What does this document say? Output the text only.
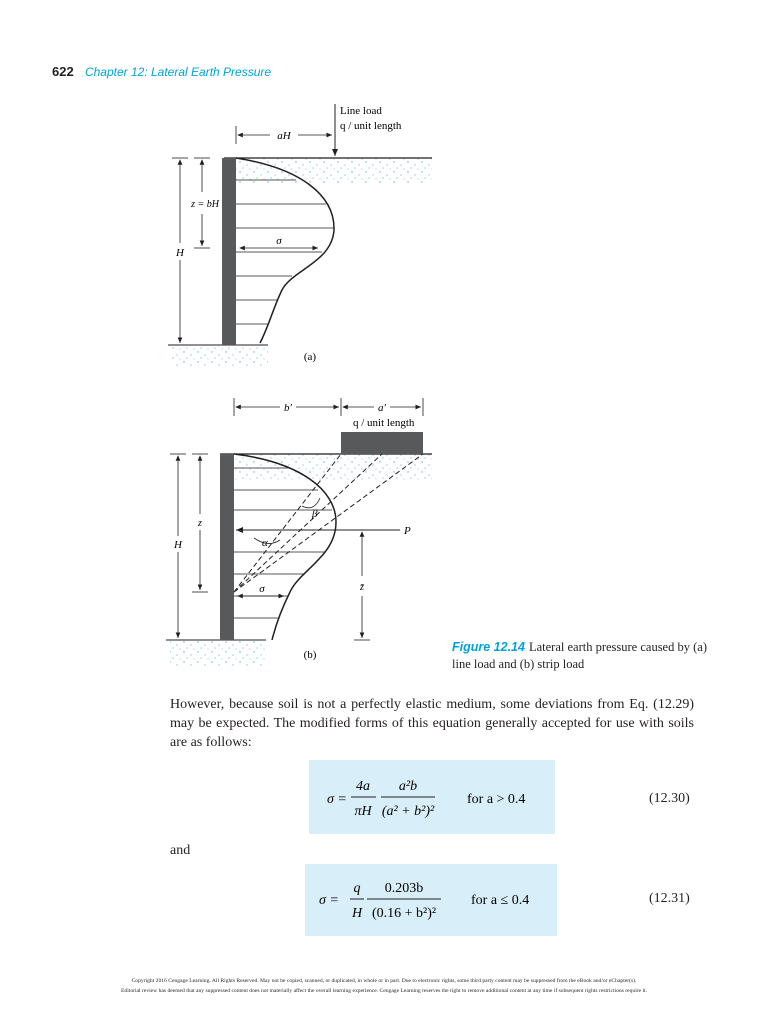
622 Chapter 12: Lateral Earth Pressure
σ
Line load
q / unit length
aH
H
z = bH
(a)
P
β
α
σ
b′	a′
q / unit length
H
z
z̄
(b)
Figure 12.14 Lateral earth pressure caused by (a) line load and (b) strip load
However, because soil is not a perfectly elastic medium, some deviations from Eq. (12.29) may be expected. The modified forms of this equation generally accepted for use with soils are as follows:
σ =
4a
πH
a²b
(a² + b²)²
for a > 0.4	(12.30)
and
σ =
q
H
0.203b
(0.16 + b²)²
for a ≤ 0.4	(12.31)
Copyright 2016 Cengage Learning. All Rights Reserved. May not be copied, scanned, or duplicated, in whole or in part. Due to electronic rights, some third party content may be suppressed from the eBook and/or eChapter(s).
Editorial review has deemed that any suppressed content does not materially affect the overall learning experience. Cengage Learning reserves the right to remove additional content at any time if subsequent rights restrictions require it.
